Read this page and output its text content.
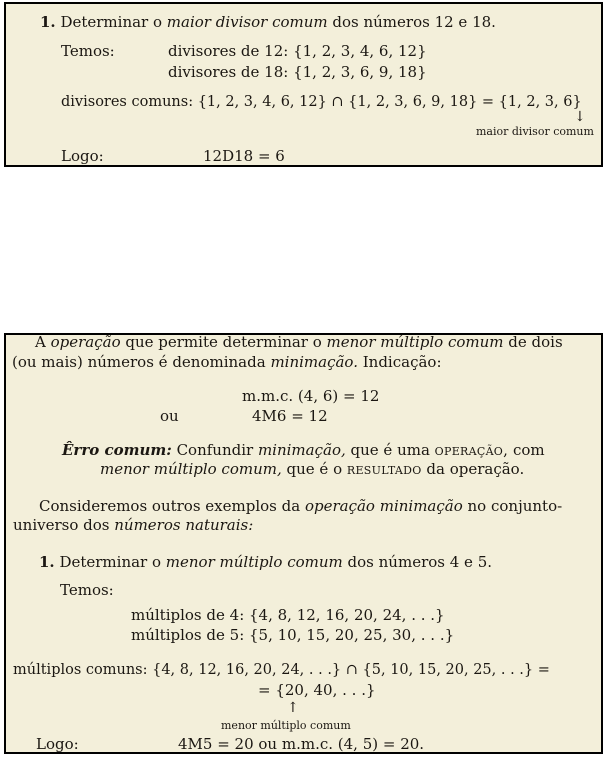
1. Determinar o maior divisor comum dos números 12 e 18.
Temos:	divisores de 12: {1, 2, 3, 4, 6, 12}
divisores de 18: {1, 2, 3, 6, 9, 18}
divisores comuns: {1, 2, 3, 4, 6, 12} ∩ {1, 2, 3, 6, 9, 18} = {1, 2, 3, 6}
↓
maior divisor comum
Logo:	12D18 = 6
A operação que permite determinar o menor múltiplo comum de dois
(ou mais) números é denominada minimação. Indicação:
m.m.c. (4, 6) = 12
ou	4M6 = 12
Êrro comum: Confundir minimação, que é uma operação, com
menor múltiplo comum, que é o resultado da operação.
Consideremos outros exemplos da operação minimação no conjunto-
universo dos números naturais:
1. Determinar o menor múltiplo comum dos números 4 e 5.
Temos:
múltiplos de 4: {4, 8, 12, 16, 20, 24, . . .}
múltiplos de 5: {5, 10, 15, 20, 25, 30, . . .}
múltiplos comuns: {4, 8, 12, 16, 20, 24, . . .} ∩ {5, 10, 15, 20, 25, . . .} =
= {20, 40, . . .}
↑
menor múltiplo comum
Logo:	4M5 = 20 ou m.m.c. (4, 5) = 20.
